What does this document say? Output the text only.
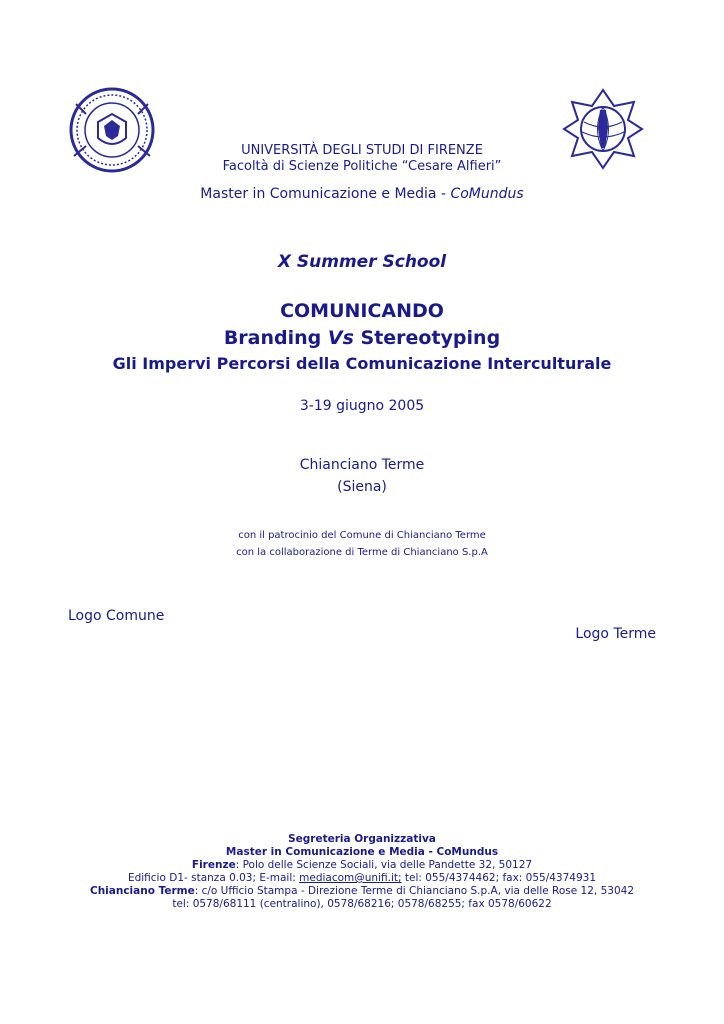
UNIVERSITÀ DEGLI STUDI DI FIRENZE
Facoltà di Scienze Politiche “Cesare Alfieri”
Master in Comunicazione e Media - CoMundus
X Summer School
COMUNICANDO
Branding Vs Stereotyping
Gli Impervi Percorsi della Comunicazione Interculturale
3-19 giugno 2005
Chianciano Terme
(Siena)
con il patrocinio del Comune di Chianciano Terme
con la collaborazione di Terme di Chianciano S.p.A
Logo Comune
Logo Terme
Segreteria Organizzativa
Master in Comunicazione e Media - CoMundus
Firenze: Polo delle Scienze Sociali, via delle Pandette 32, 50127
Edificio D1- stanza 0.03; E-mail: mediacom@unifi.it; tel: 055/4374462; fax: 055/4374931
Chianciano Terme: c/o Ufficio Stampa - Direzione Terme di Chianciano S.p.A, via delle Rose 12, 53042
tel: 0578/68111 (centralino), 0578/68216; 0578/68255; fax 0578/60622
